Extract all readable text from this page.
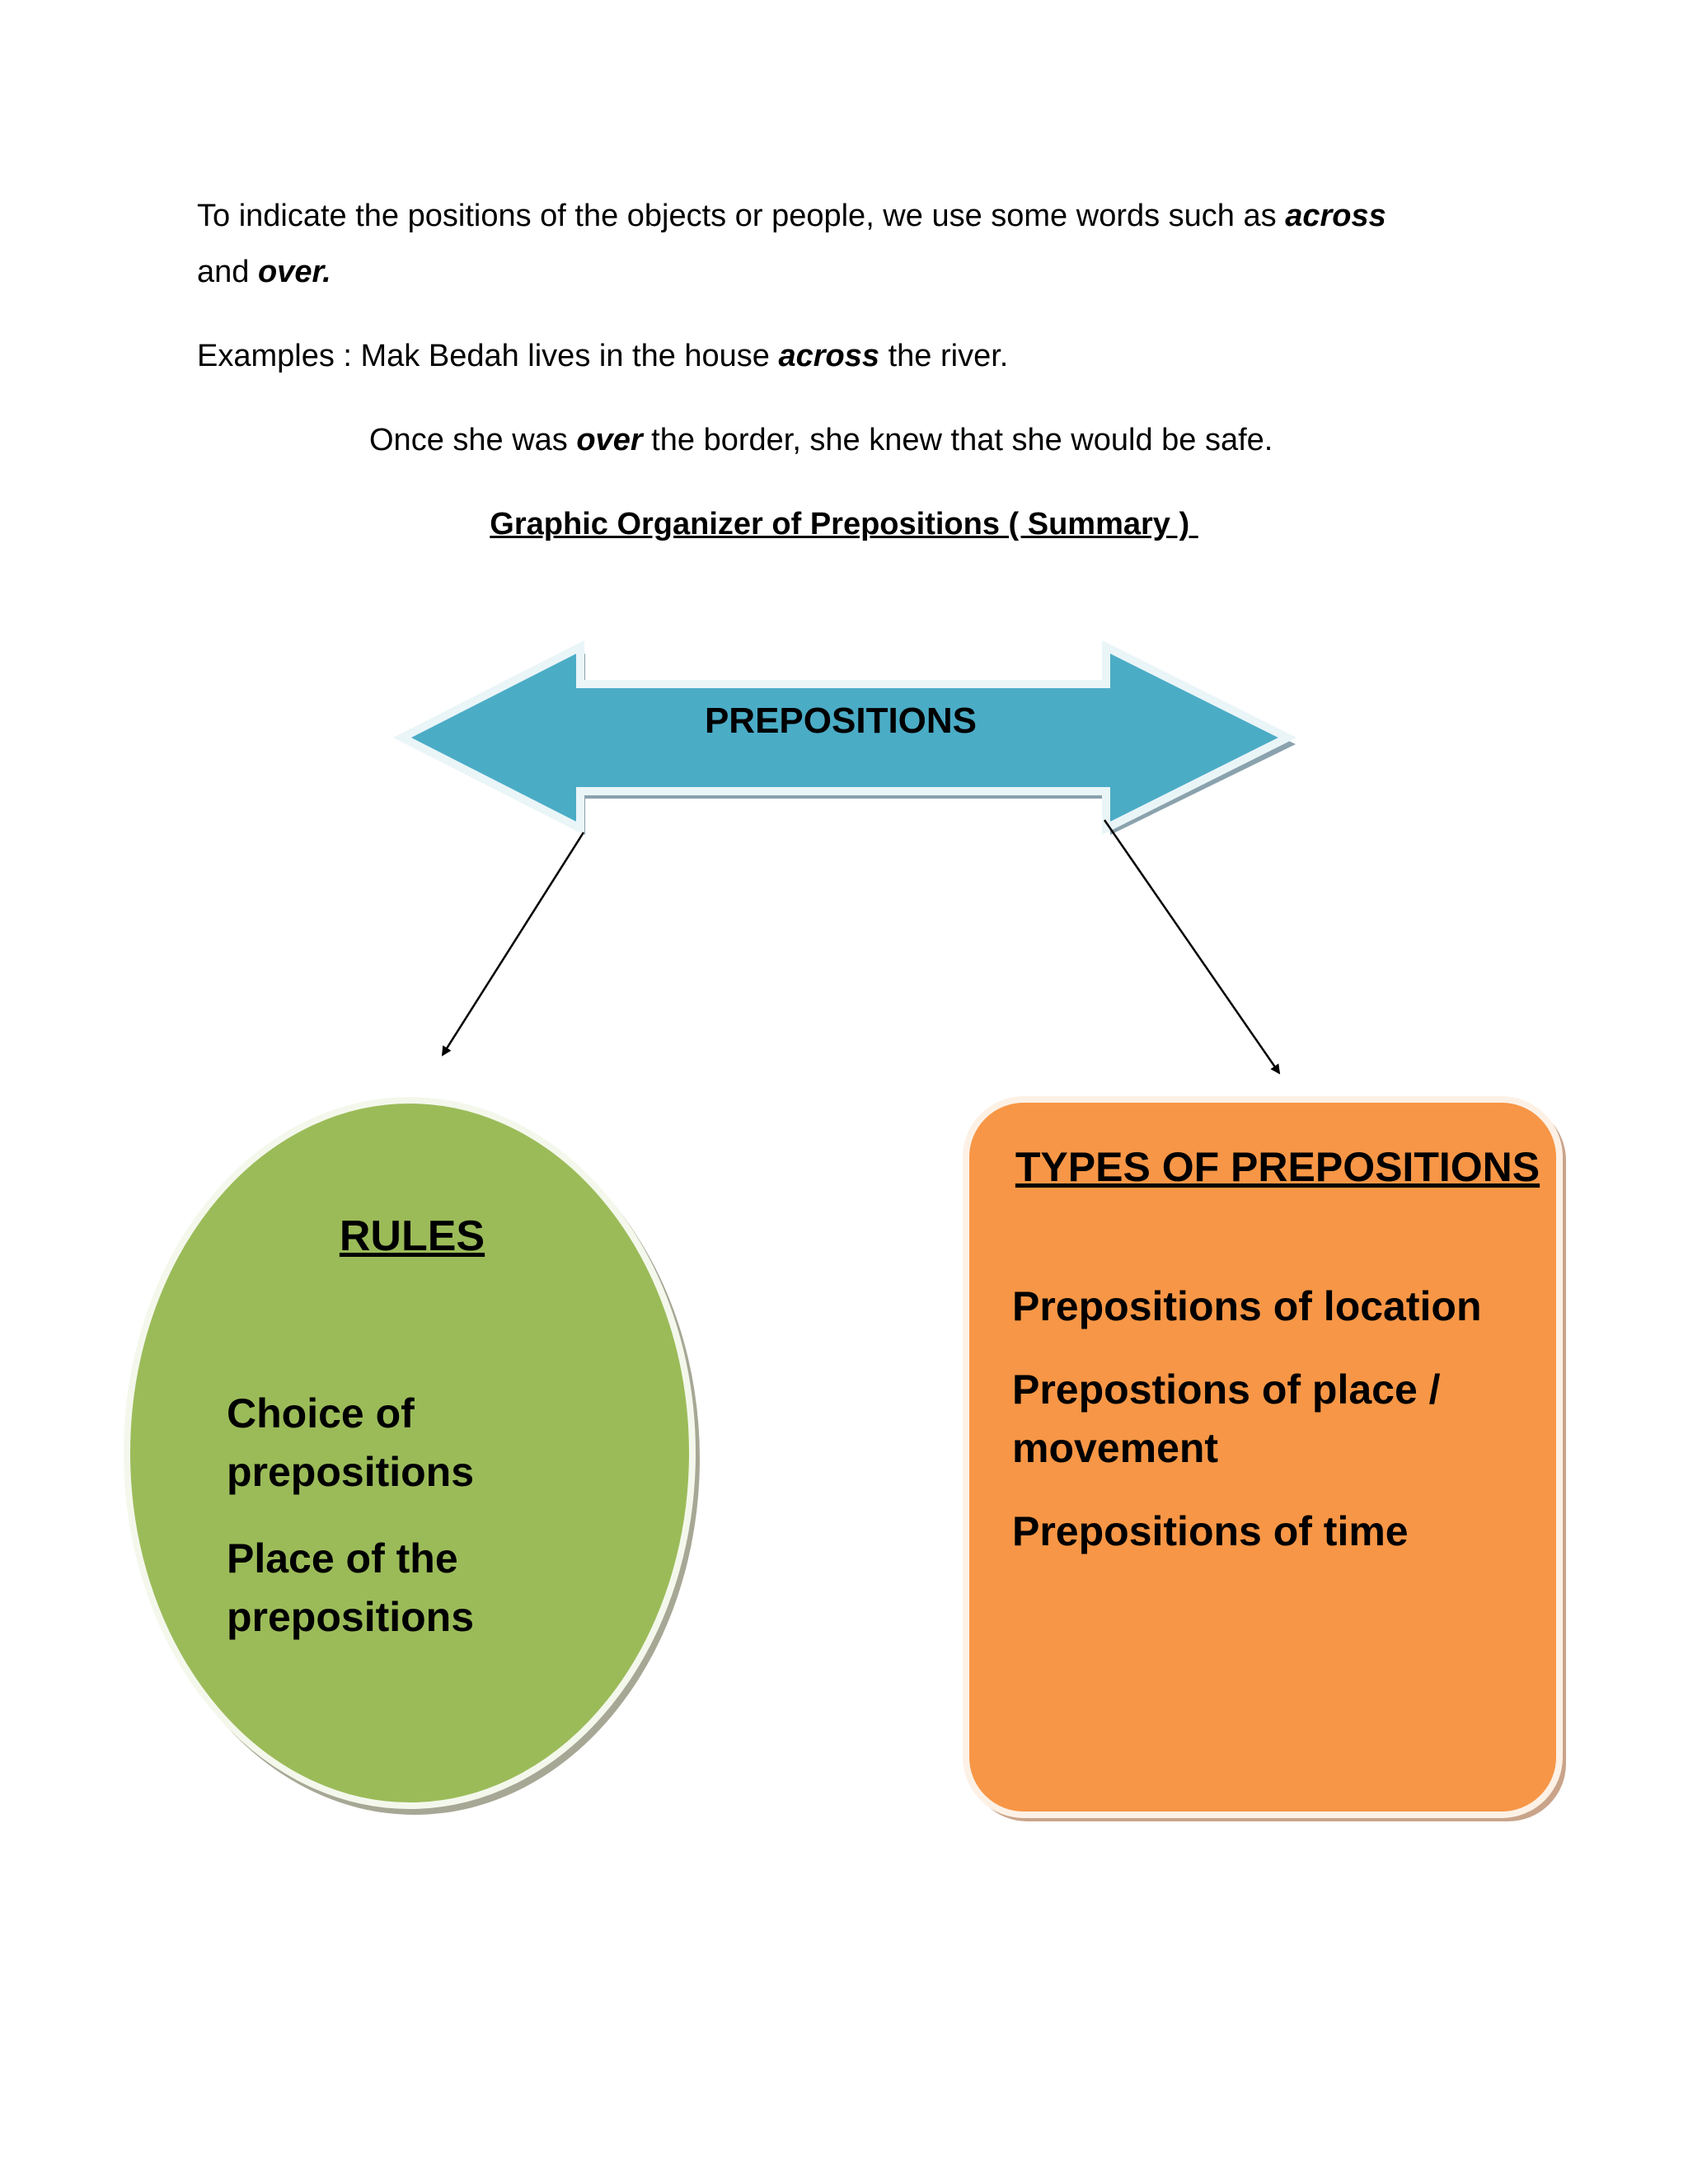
To indicate the positions of the objects or people, we use some words such as across

and over.

Examples : Mak Bedah lives in the house across the river.

Once she was over the border, she knew that she would be safe.

Graphic Organizer of Prepositions ( Summary )

PREPOSITIONS

RULES

Choice of prepositions
Place of the prepositions

TYPES OF PREPOSITIONS

Prepositions of location
Prepostions of place / movement
Prepositions of time
